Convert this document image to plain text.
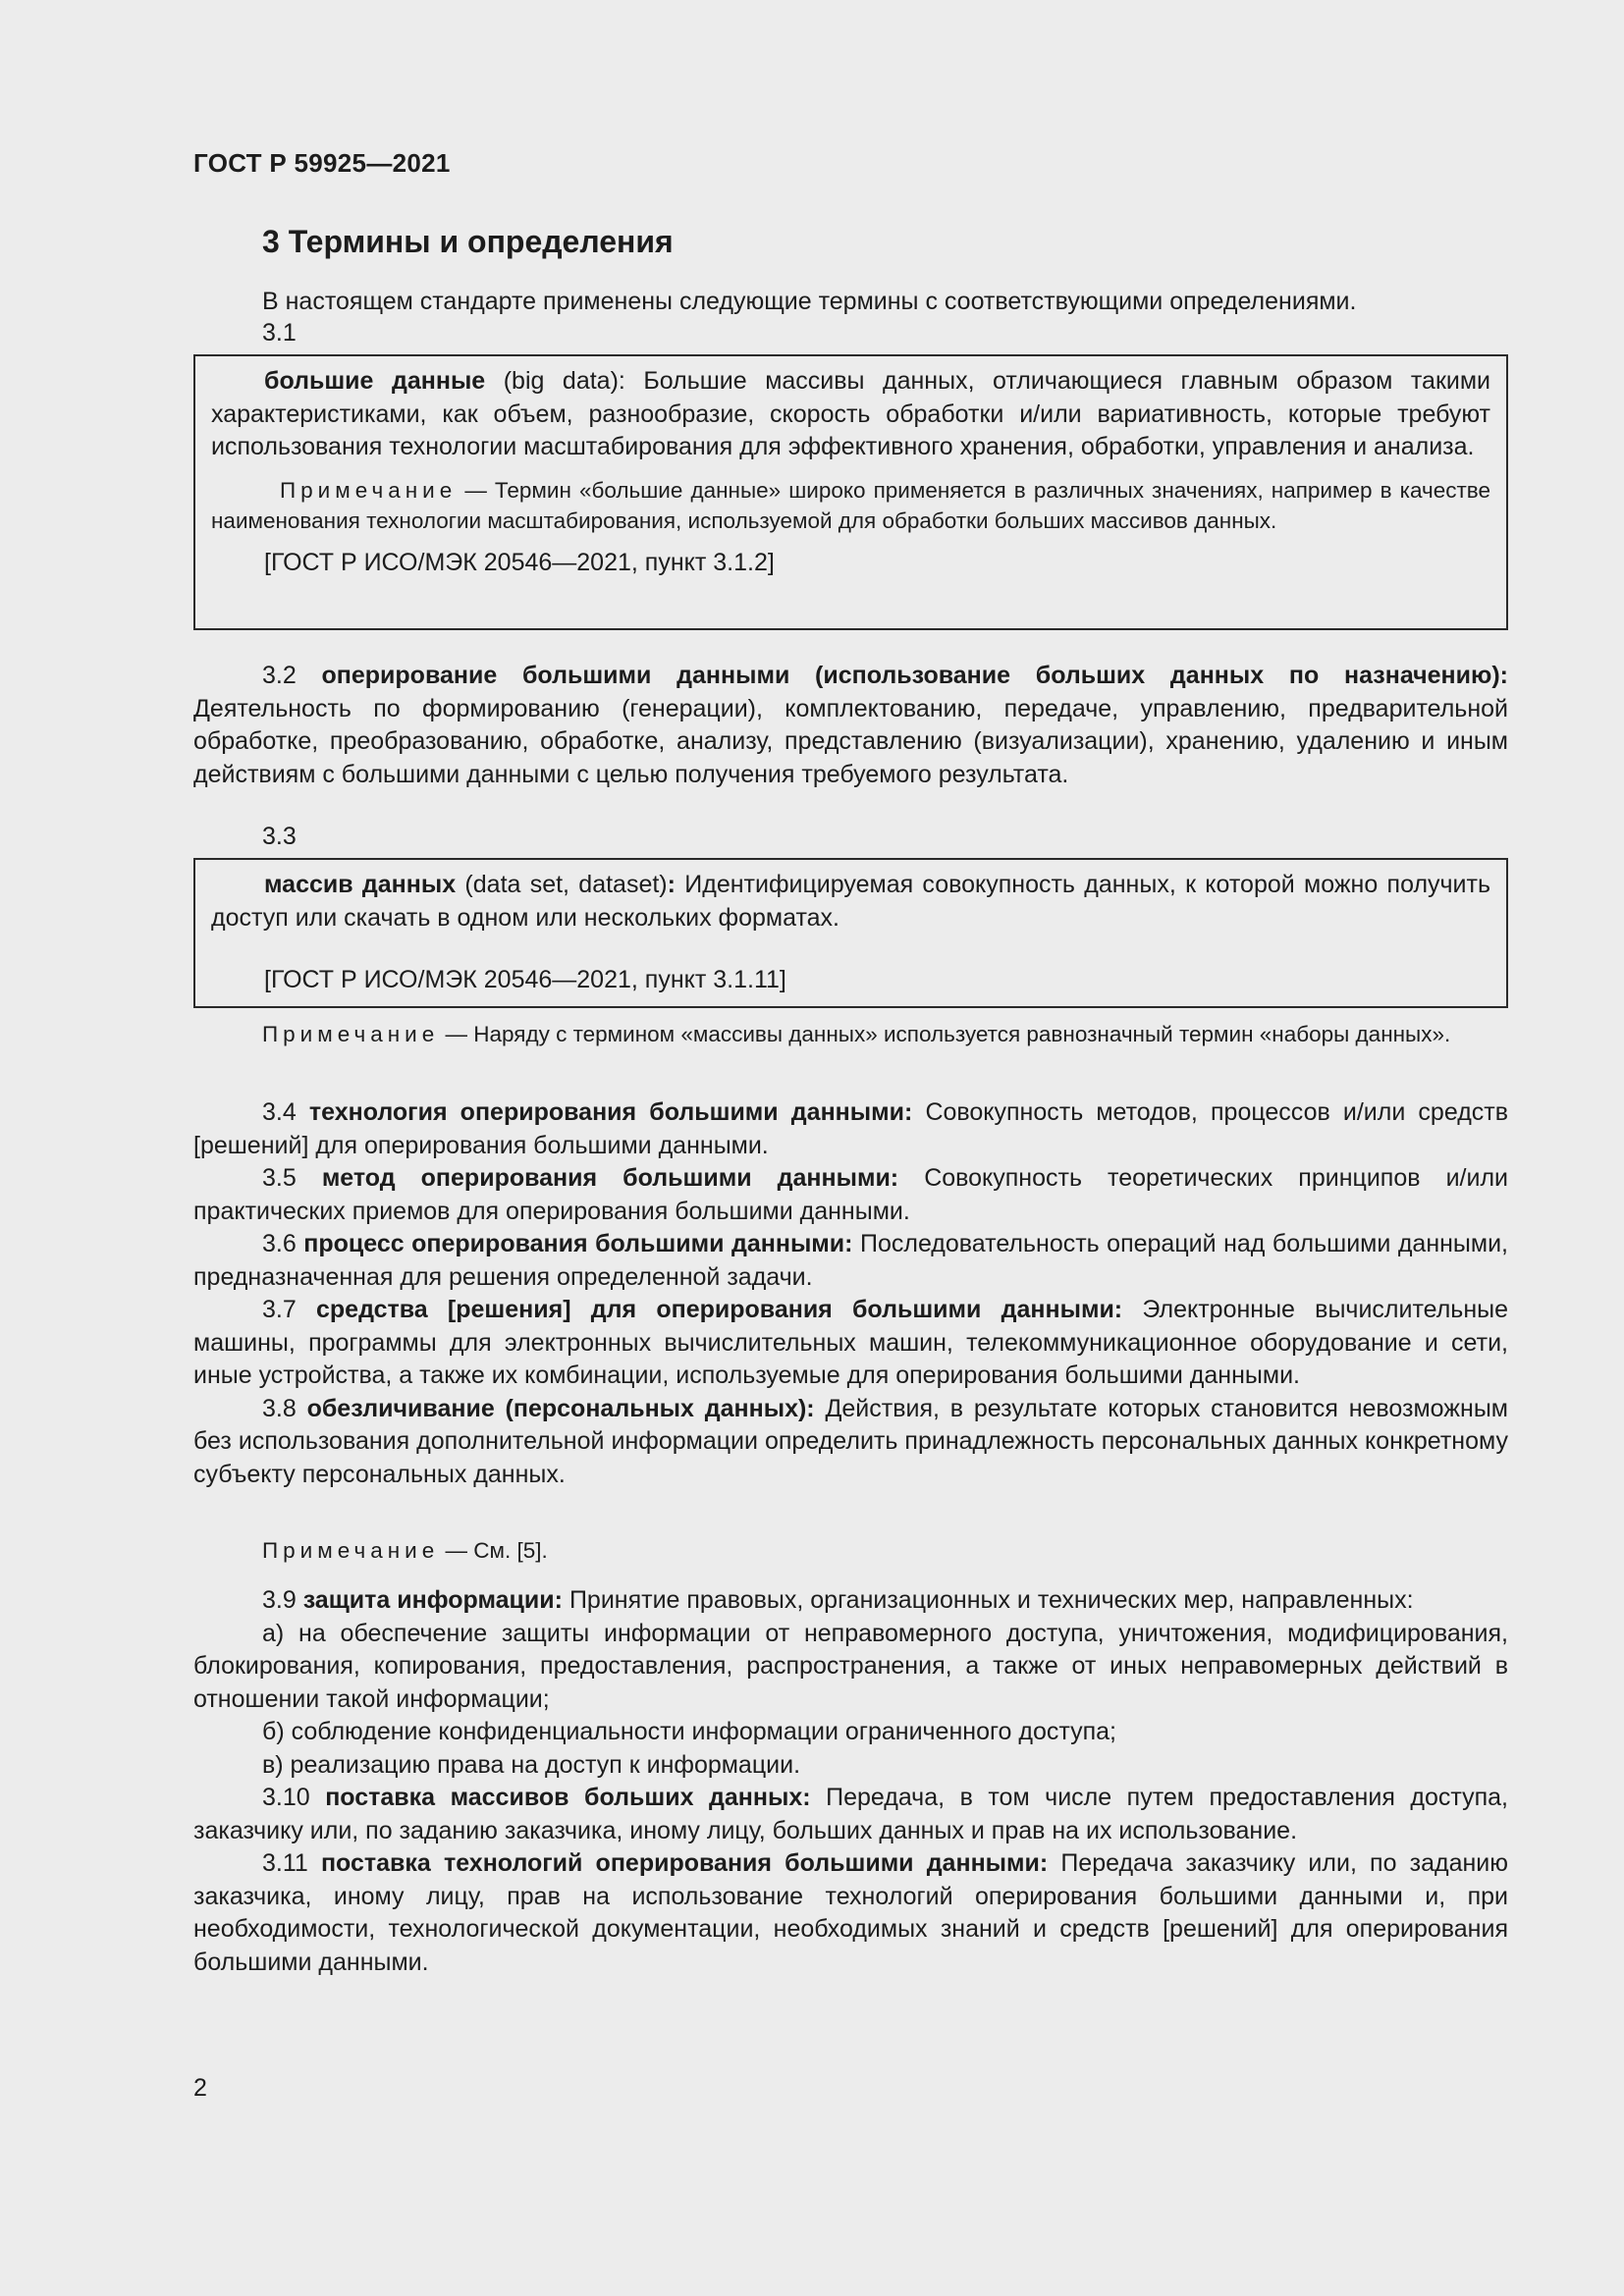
ГОСТ Р 59925—2021
3 Термины и определения

В настоящем стандарте применены следующие термины с соответствующими определениями.

3.1

большие данные (big data): Большие массивы данных, отличающиеся главным образом такими характеристиками, как объем, разнообразие, скорость обработки и/или вариативность, которые требуют использования технологии масштабирования для эффективного хранения, обработки, управления и анализа.

Примечание — Термин «большие данные» широко применяется в различных значениях, например в качестве наименования технологии масштабирования, используемой для обработки больших массивов данных.

[ГОСТ Р ИСО/МЭК 20546—2021, пункт 3.1.2]

3.2 оперирование большими данными (использование больших данных по назначению): Деятельность по формированию (генерации), комплектованию, передаче, управлению, предварительной обработке, преобразованию, обработке, анализу, представлению (визуализации), хранению, удалению и иным действиям с большими данными с целью получения требуемого результата.

3.3

массив данных (data set, dataset): Идентифицируемая совокупность данных, к которой можно получить доступ или скачать в одном или нескольких форматах.

[ГОСТ Р ИСО/МЭК 20546—2021, пункт 3.1.11]

Примечание — Наряду с термином «массивы данных» используется равнозначный термин «наборы данных».

3.4 технология оперирования большими данными: Совокупность методов, процессов и/или средств [решений] для оперирования большими данными.

3.5 метод оперирования большими данными: Совокупность теоретических принципов и/или практических приемов для оперирования большими данными.

3.6 процесс оперирования большими данными: Последовательность операций над большими данными, предназначенная для решения определенной задачи.

3.7 средства [решения] для оперирования большими данными: Электронные вычислительные машины, программы для электронных вычислительных машин, телекоммуникационное оборудование и сети, иные устройства, а также их комбинации, используемые для оперирования большими данными.

3.8 обезличивание (персональных данных): Действия, в результате которых становится невозможным без использования дополнительной информации определить принадлежность персональных данных конкретному субъекту персональных данных.

Примечание — См. [5].

3.9 защита информации: Принятие правовых, организационных и технических мер, направленных:

а) на обеспечение защиты информации от неправомерного доступа, уничтожения, модифицирования, блокирования, копирования, предоставления, распространения, а также от иных неправомерных действий в отношении такой информации;

б) соблюдение конфиденциальности информации ограниченного доступа;

в) реализацию права на доступ к информации.

3.10 поставка массивов больших данных: Передача, в том числе путем предоставления доступа, заказчику или, по заданию заказчика, иному лицу, больших данных и прав на их использование.

3.11 поставка технологий оперирования большими данными: Передача заказчику или, по заданию заказчика, иному лицу, прав на использование технологий оперирования большими данными и, при необходимости, технологической документации, необходимых знаний и средств [решений] для оперирования большими данными.

2
